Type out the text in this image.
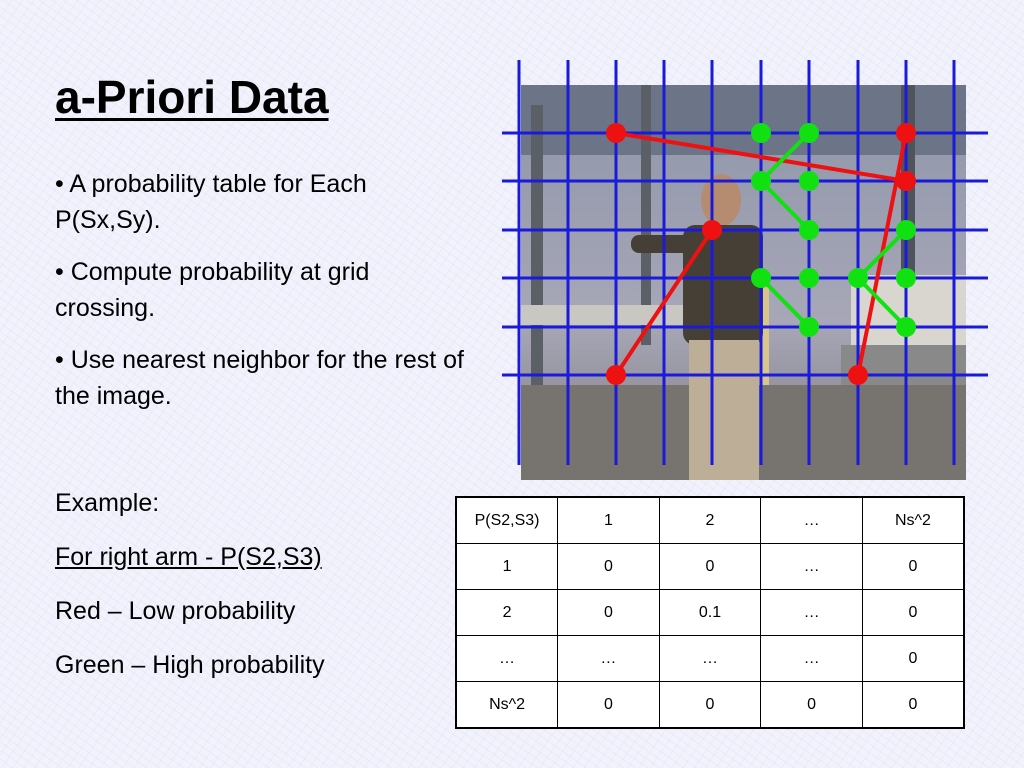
a-Priori Data

• A probability table for Each P(Sx,Sy).

• Compute probability at grid crossing.

• Use nearest neighbor for the rest of the image.

Example:
For right arm - P(S2,S3)
Red – Low probability
Green – High probability
P(S2,S3)	1	2	…	Ns^2
1	0	0	…	0
2	0	0.1	…	0
…	…	…	…	0
Ns^2	0	0	0	0
